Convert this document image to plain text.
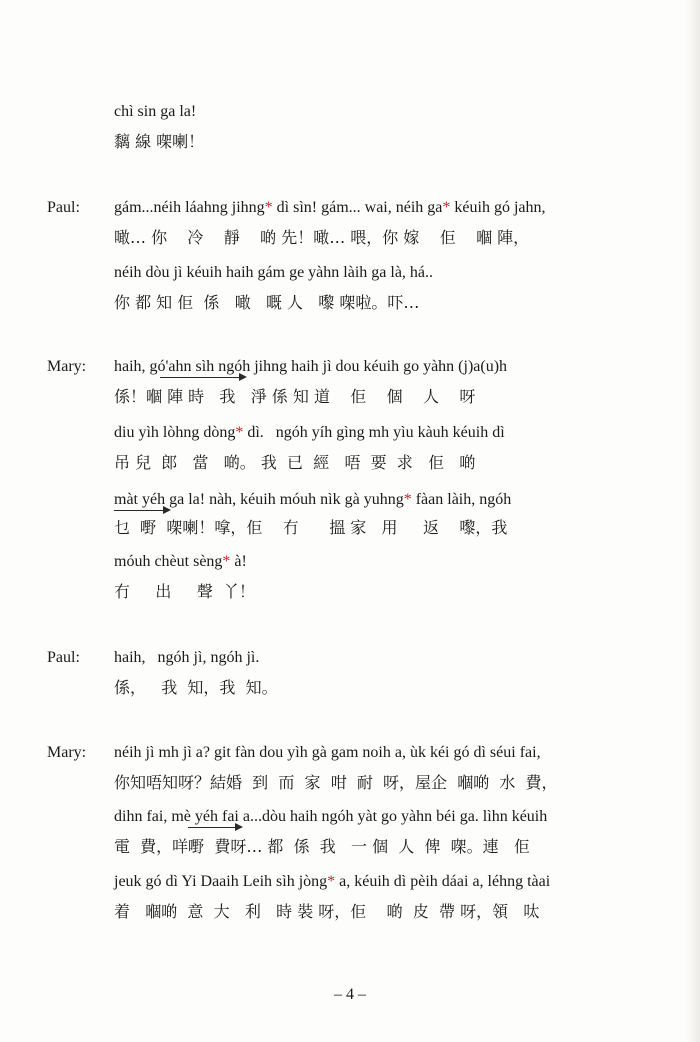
chì sin ga la!
黐 線 㗎喇！
Paul: gám...néih láahng jihng* dì sìn! gám... wai, néih ga* kéuih gó jahn,
噉… 你    冷    靜    啲 先！噉… 喂，你 嫁    佢    嗰 陣，
néih dòu jì kéuih haih gám ge yàhn làih ga là, há..
你 都 知 佢  係   噉   嘅 人   嚟 㗎啦。吓…
Mary: haih, gó'ahn sìh ngóh jihng haih jì dou kéuih go yàhn (j)a(u)h
係！嗰 陣 時   我   淨 係 知 道    佢    個    人    呀
diu yìh lòhng dòng* dì.   ngóh yíh gìng mh yìu kàuh kéuih dì
吊 兒  郎   當   啲。 我  已  經   唔  要  求   佢   啲
màt yéh ga la! nàh, kéuih móuh nìk gà yuhng* fàan làih, ngóh
乜  嘢  㗎喇！嗱，佢    冇      搵 家   用     返    嚟，我
móuh chèut sèng* à!
冇     出     聲  丫！
Paul: haih,   ngóh jì, ngóh jì.
係，   我  知，我  知。
Mary: néih jì mh jì a? git fàn dou yìh gà gam noih a, ùk kéi gó dì séui fai,
你知唔知呀？結婚  到  而  家  咁  耐  呀，屋企  嗰啲  水  費，
dihn fai, mè yéh fai a...dòu haih ngóh yàt go yàhn béi ga. lìhn kéuih
電  費，咩嘢  費呀… 都  係  我   一 個  人  俾  㗎。連   佢
jeuk gó dì Yi Daaih Leih sìh jòng* a, kéuih dì pèih dáai a, léhng tàai
着   嗰啲  意  大   利   時 裝 呀，佢    啲  皮  帶 呀，領   呔
– 4 –
